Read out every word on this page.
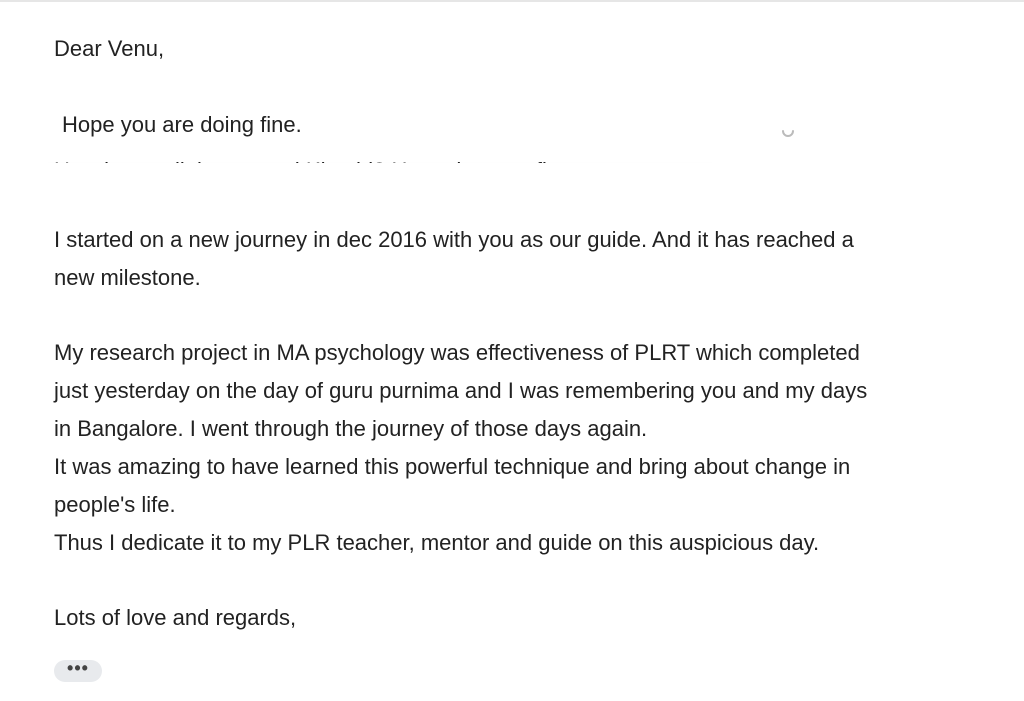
Dear Venu,
Hope you are doing fine.
I started on a new journey in dec 2016 with you as our guide. And it has reached a
new milestone.
My research project in MA psychology was effectiveness of PLRT which completed
just yesterday on the day of guru purnima and I was remembering you and my days
in Bangalore. I went through the journey of those days again.
It was amazing to have learned this powerful technique and bring about change in
people's life.
Thus I dedicate it to my PLR teacher, mentor and guide on this auspicious day.
Lots of love and regards,
•••
